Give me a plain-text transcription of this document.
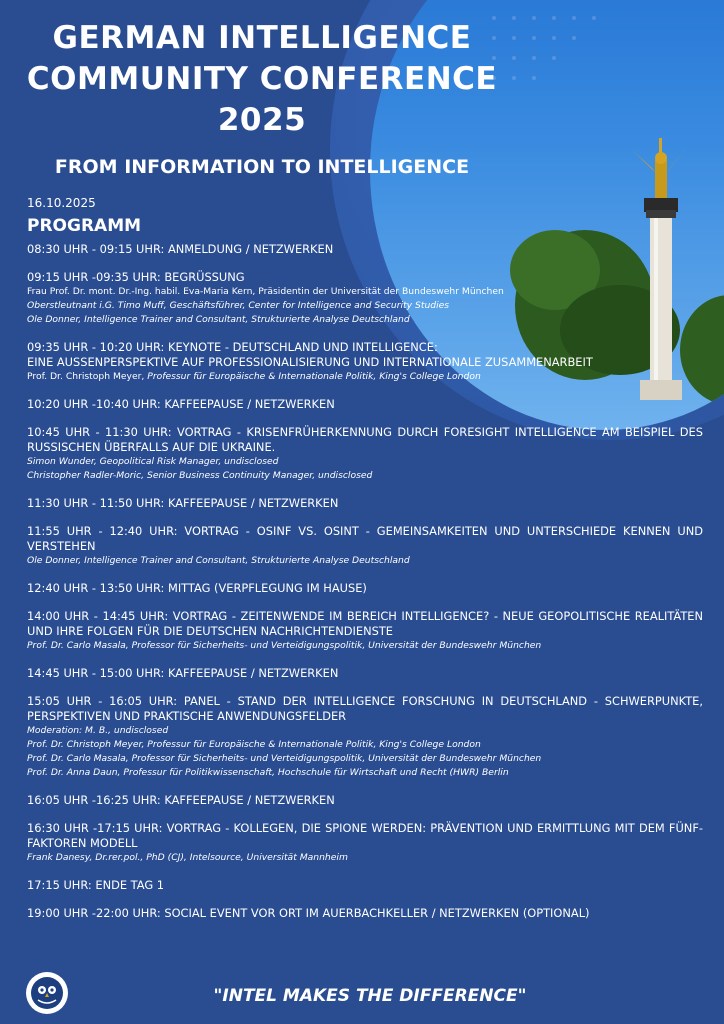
GERMAN INTELLIGENCE
COMMUNITY CONFERENCE
2025
FROM INFORMATION TO INTELLIGENCE
16.10.2025
PROGRAMM
08:30 UHR - 09:15 UHR: ANMELDUNG / NETZWERKEN
09:15 UHR -09:35 UHR: BEGRÜSSUNG
Frau Prof. Dr. mont. Dr.-Ing. habil. Eva-Maria Kern, Präsidentin der Universität der Bundeswehr München
Oberstleutnant i.G. Timo Muff, Geschäftsführer, Center for Intelligence and Security Studies
Ole Donner, Intelligence Trainer and Consultant, Strukturierte Analyse Deutschland
09:35 UHR - 10:20 UHR: KEYNOTE - DEUTSCHLAND UND INTELLIGENCE:
EINE AUSSENPERSPEKTIVE AUF PROFESSIONALISIERUNG UND INTERNATIONALE ZUSAMMENARBEIT
Prof. Dr. Christoph Meyer, Professur für Europäische & Internationale Politik, King's College London
10:20 UHR -10:40 UHR: KAFFEEPAUSE / NETZWERKEN
10:45 UHR - 11:30 UHR: VORTRAG - KRISENFRÜHERKENNUNG DURCH FORESIGHT INTELLIGENCE AM BEISPIEL DES RUSSISCHEN ÜBERFALLS AUF DIE UKRAINE.
Simon Wunder, Geopolitical Risk Manager, undisclosed
Christopher Radler-Moric, Senior Business Continuity Manager, undisclosed
11:30 UHR - 11:50 UHR: KAFFEEPAUSE / NETZWERKEN
11:55 UHR - 12:40 UHR: VORTRAG - OSINF VS. OSINT - GEMEINSAMKEITEN UND UNTERSCHIEDE KENNEN UND VERSTEHEN
Ole Donner, Intelligence Trainer and Consultant, Strukturierte Analyse Deutschland
12:40 UHR - 13:50 UHR: MITTAG (VERPFLEGUNG IM HAUSE)
14:00 UHR - 14:45 UHR: VORTRAG - ZEITENWENDE IM BEREICH INTELLIGENCE? - NEUE GEOPOLITISCHE REALITÄTEN UND IHRE FOLGEN FÜR DIE DEUTSCHEN NACHRICHTENDIENSTE
Prof. Dr. Carlo Masala, Professor für Sicherheits- und Verteidigungspolitik, Universität der Bundeswehr München
14:45 UHR - 15:00 UHR: KAFFEEPAUSE / NETZWERKEN
15:05 UHR - 16:05 UHR: PANEL - STAND DER INTELLIGENCE FORSCHUNG IN DEUTSCHLAND - SCHWERPUNKTE, PERSPEKTIVEN UND PRAKTISCHE ANWENDUNGSFELDER
Moderation: M. B., undisclosed
Prof. Dr. Christoph Meyer, Professur für Europäische & Internationale Politik, King's College London
Prof. Dr. Carlo Masala, Professor für Sicherheits- und Verteidigungspolitik, Universität der Bundeswehr München
Prof. Dr. Anna Daun, Professur für Politikwissenschaft, Hochschule für Wirtschaft und Recht (HWR) Berlin
16:05 UHR -16:25 UHR: KAFFEEPAUSE / NETZWERKEN
16:30 UHR -17:15 UHR: VORTRAG - KOLLEGEN, DIE SPIONE WERDEN: PRÄVENTION UND ERMITTLUNG MIT DEM FÜNF-FAKTOREN MODELL
Frank Danesy, Dr.rer.pol., PhD (CJ), Intelsource, Universität Mannheim
17:15 UHR: ENDE TAG 1
19:00 UHR -22:00 UHR: SOCIAL EVENT VOR ORT IM AUERBACHKELLER / NETZWERKEN (OPTIONAL)
"INTEL MAKES THE DIFFERENCE"
